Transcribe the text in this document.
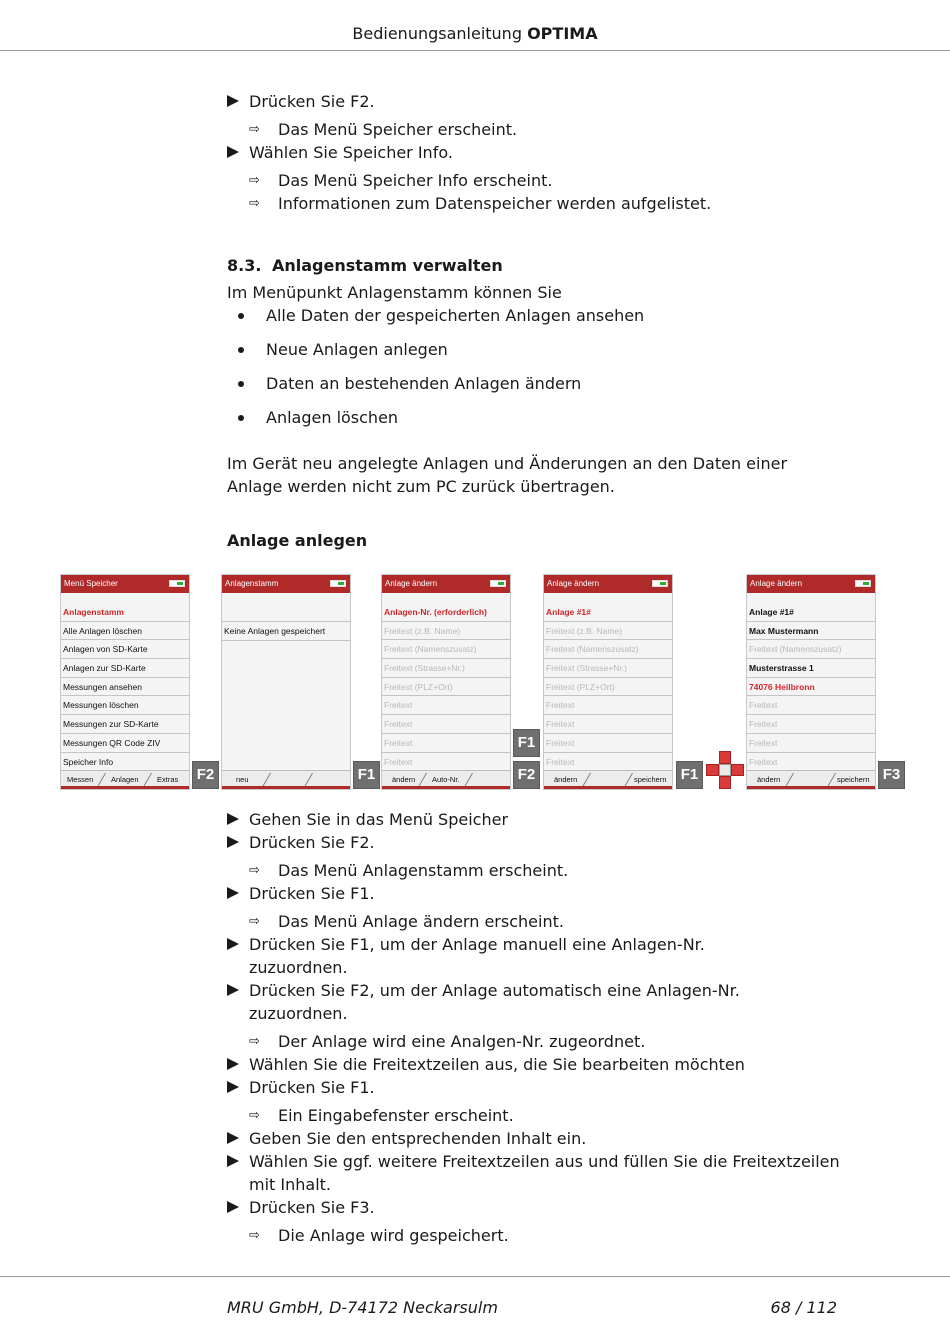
Bedienungsanleitung OPTIMA
Drücken Sie F2.
⇨	Das Menü Speicher erscheint.
Wählen Sie Speicher Info.
⇨	Das Menü Speicher Info erscheint.
⇨	Informationen zum Datenspeicher werden aufgelistet.
8.3. Anlagenstamm verwalten
Im Menüpunkt Anlagenstamm können Sie
Alle Daten der gespeicherten Anlagen ansehen
Neue Anlagen anlegen
Daten an bestehenden Anlagen ändern
Anlagen löschen
Im Gerät neu angelegte Anlagen und Änderungen an den Daten einer Anlage werden nicht zum PC zurück übertragen.
Anlage anlegen
Menü Speicher
Anlagenstamm
Alle Anlagen löschen
Anlagen von SD-Karte
Anlagen zur SD-Karte
Messungen ansehen
Messungen löschen
Messungen zur SD-Karte
Messungen QR Code ZIV
Speicher Info
Messen Anlagen Extras
Anlagenstamm
Keine Anlagen gespeichert
neu
Anlage ändern
Anlagen-Nr. (erforderlich)
Freitext (z.B. Name)
Freitext (Namenszusatz)
Freitext (Strasse+Nr.)
Freitext (PLZ+Ort)
Freitext
Freitext
Freitext
Freitext
ändern Auto-Nr.
Anlage ändern
Anlage #1#
Freitext (z.B. Name)
Freitext (Namenszusatz)
Freitext (Strasse+Nr.)
Freitext (PLZ+Ort)
Freitext
Freitext
Freitext
Freitext
ändern	speichern
Anlage ändern
Anlage #1#
Max Mustermann
Freitext (Namenszusatz)
Musterstrasse 1
74076 Heilbronn
Freitext
Freitext
Freitext
Freitext
ändern	speichern
F2	F1
F1
F2	F1	F3
Gehen Sie in das Menü Speicher
Drücken Sie F2.
⇨	Das Menü Anlagenstamm erscheint.
Drücken Sie F1.
⇨	Das Menü Anlage ändern erscheint.
Drücken Sie F1, um der Anlage manuell eine Anlagen-Nr. zuzuordnen.
Drücken Sie F2, um der Anlage automatisch eine Anlagen-Nr. zuzuordnen.
⇨	Der Anlage wird eine Analgen-Nr. zugeordnet.
Wählen Sie die Freitextzeilen aus, die Sie bearbeiten möchten
Drücken Sie F1.
⇨	Ein Eingabefenster erscheint.
Geben Sie den entsprechenden Inhalt ein.
Wählen Sie ggf. weitere Freitextzeilen aus und füllen Sie die Freitextzeilen mit Inhalt.
Drücken Sie F3.
⇨	Die Anlage wird gespeichert.
MRU GmbH, D-74172 Neckarsulm	68 / 112
